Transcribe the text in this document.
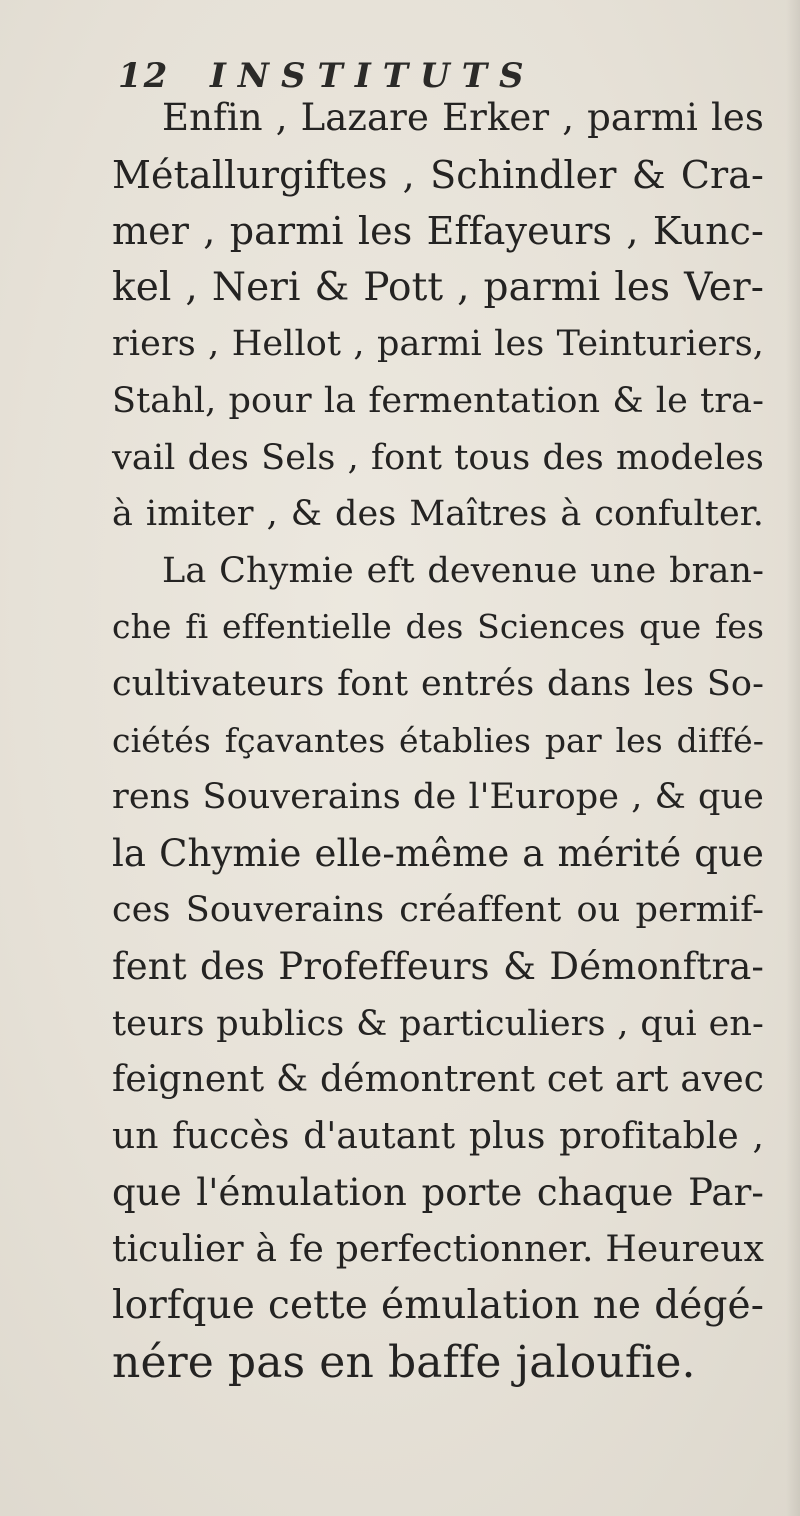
12 INSTITUTS
Enfin , Lazare Erker , parmi les
Métallurgiftes , Schindler & Cra-
mer , parmi les Effayeurs , Kunc-
kel , Neri & Pott , parmi les Ver-
riers , Hellot , parmi les Teinturiers,
Stahl, pour la fermentation & le tra-
vail des Sels , font tous des modeles
à imiter , & des Maîtres à confulter.
La Chymie eft devenue une bran-
che fi effentielle des Sciences que fes
cultivateurs font entrés dans les So-
ciétés fçavantes établies par les diffé-
rens Souverains de l'Europe , & que
la Chymie elle-même a mérité que
ces Souverains créaffent ou permif-
fent des Profeffeurs & Démonftra-
teurs publics & particuliers , qui en-
feignent & démontrent cet art avec
un fuccès d'autant plus profitable ,
que l'émulation porte chaque Par-
ticulier à fe perfectionner. Heureux
lorfque cette émulation ne dégé-
nére pas en baffe jaloufie.
